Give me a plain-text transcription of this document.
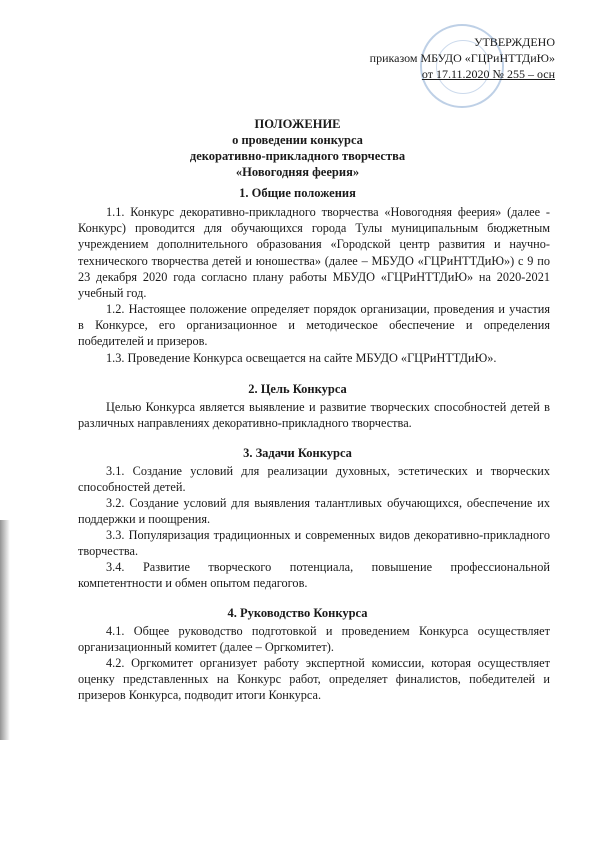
УТВЕРЖДЕНО
приказом МБУДО «ГЦРиНТТДиЮ»
от 17.11.2020 № 255 – осн
ПОЛОЖЕНИЕ
о проведении конкурса
декоративно-прикладного творчества
«Новогодняя феерия»
1. Общие положения
1.1. Конкурс декоративно-прикладного творчества «Новогодняя феерия» (далее - Конкурс) проводится для обучающихся города Тулы муниципальным бюджетным учреждением дополнительного образования «Городской центр развития и научно-технического творчества детей и юношества» (далее – МБУДО «ГЦРиНТТДиЮ») с 9 по 23 декабря 2020 года согласно плану работы МБУДО «ГЦРиНТТДиЮ» на 2020-2021 учебный год.
1.2. Настоящее положение определяет порядок организации, проведения и участия в Конкурсе, его организационное и методическое обеспечение и определения победителей и призеров.
1.3. Проведение Конкурса освещается на сайте МБУДО «ГЦРиНТТДиЮ».
2. Цель Конкурса
Целью Конкурса является выявление и развитие творческих способностей детей в различных направлениях декоративно-прикладного творчества.
3. Задачи Конкурса
3.1. Создание условий для реализации духовных, эстетических и творческих способностей детей.
3.2. Создание условий для выявления талантливых обучающихся, обеспечение их поддержки и поощрения.
3.3. Популяризация традиционных и современных видов декоративно-прикладного творчества.
3.4. Развитие творческого потенциала, повышение профессиональной компетентности и обмен опытом педагогов.
4. Руководство Конкурса
4.1. Общее руководство подготовкой и проведением Конкурса осуществляет организационный комитет (далее – Оргкомитет).
4.2. Оргкомитет организует работу экспертной комиссии, которая осуществляет оценку представленных на Конкурс работ, определяет финалистов, победителей и призеров Конкурса, подводит итоги Конкурса.
